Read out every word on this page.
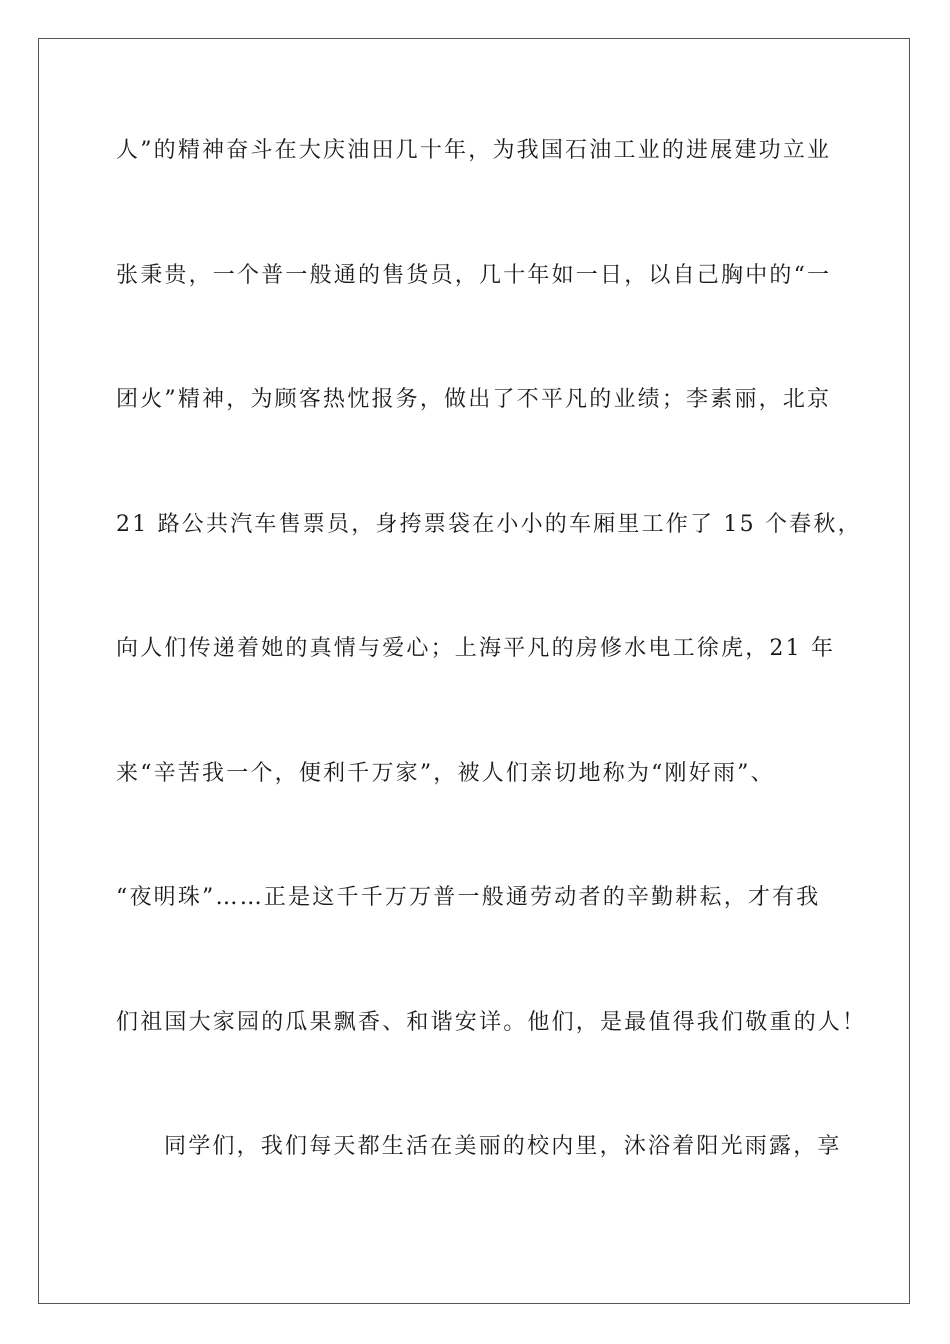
人”的精神奋斗在大庆油田几十年，为我国石油工业的进展建功立业
张秉贵，一个普一般通的售货员，几十年如一日，以自己胸中的“一
团火”精神，为顾客热忱报务，做出了不平凡的业绩；李素丽，北京
21 路公共汽车售票员，身挎票袋在小小的车厢里工作了 15 个春秋，
向人们传递着她的真情与爱心；上海平凡的房修水电工徐虎，21 年
来“辛苦我一个，便利千万家”，被人们亲切地称为“刚好雨”、
“夜明珠”……正是这千千万万普一般通劳动者的辛勤耕耘，才有我
们祖国大家园的瓜果飘香、和谐安详。他们，是最值得我们敬重的人！
同学们，我们每天都生活在美丽的校内里，沐浴着阳光雨露，享
